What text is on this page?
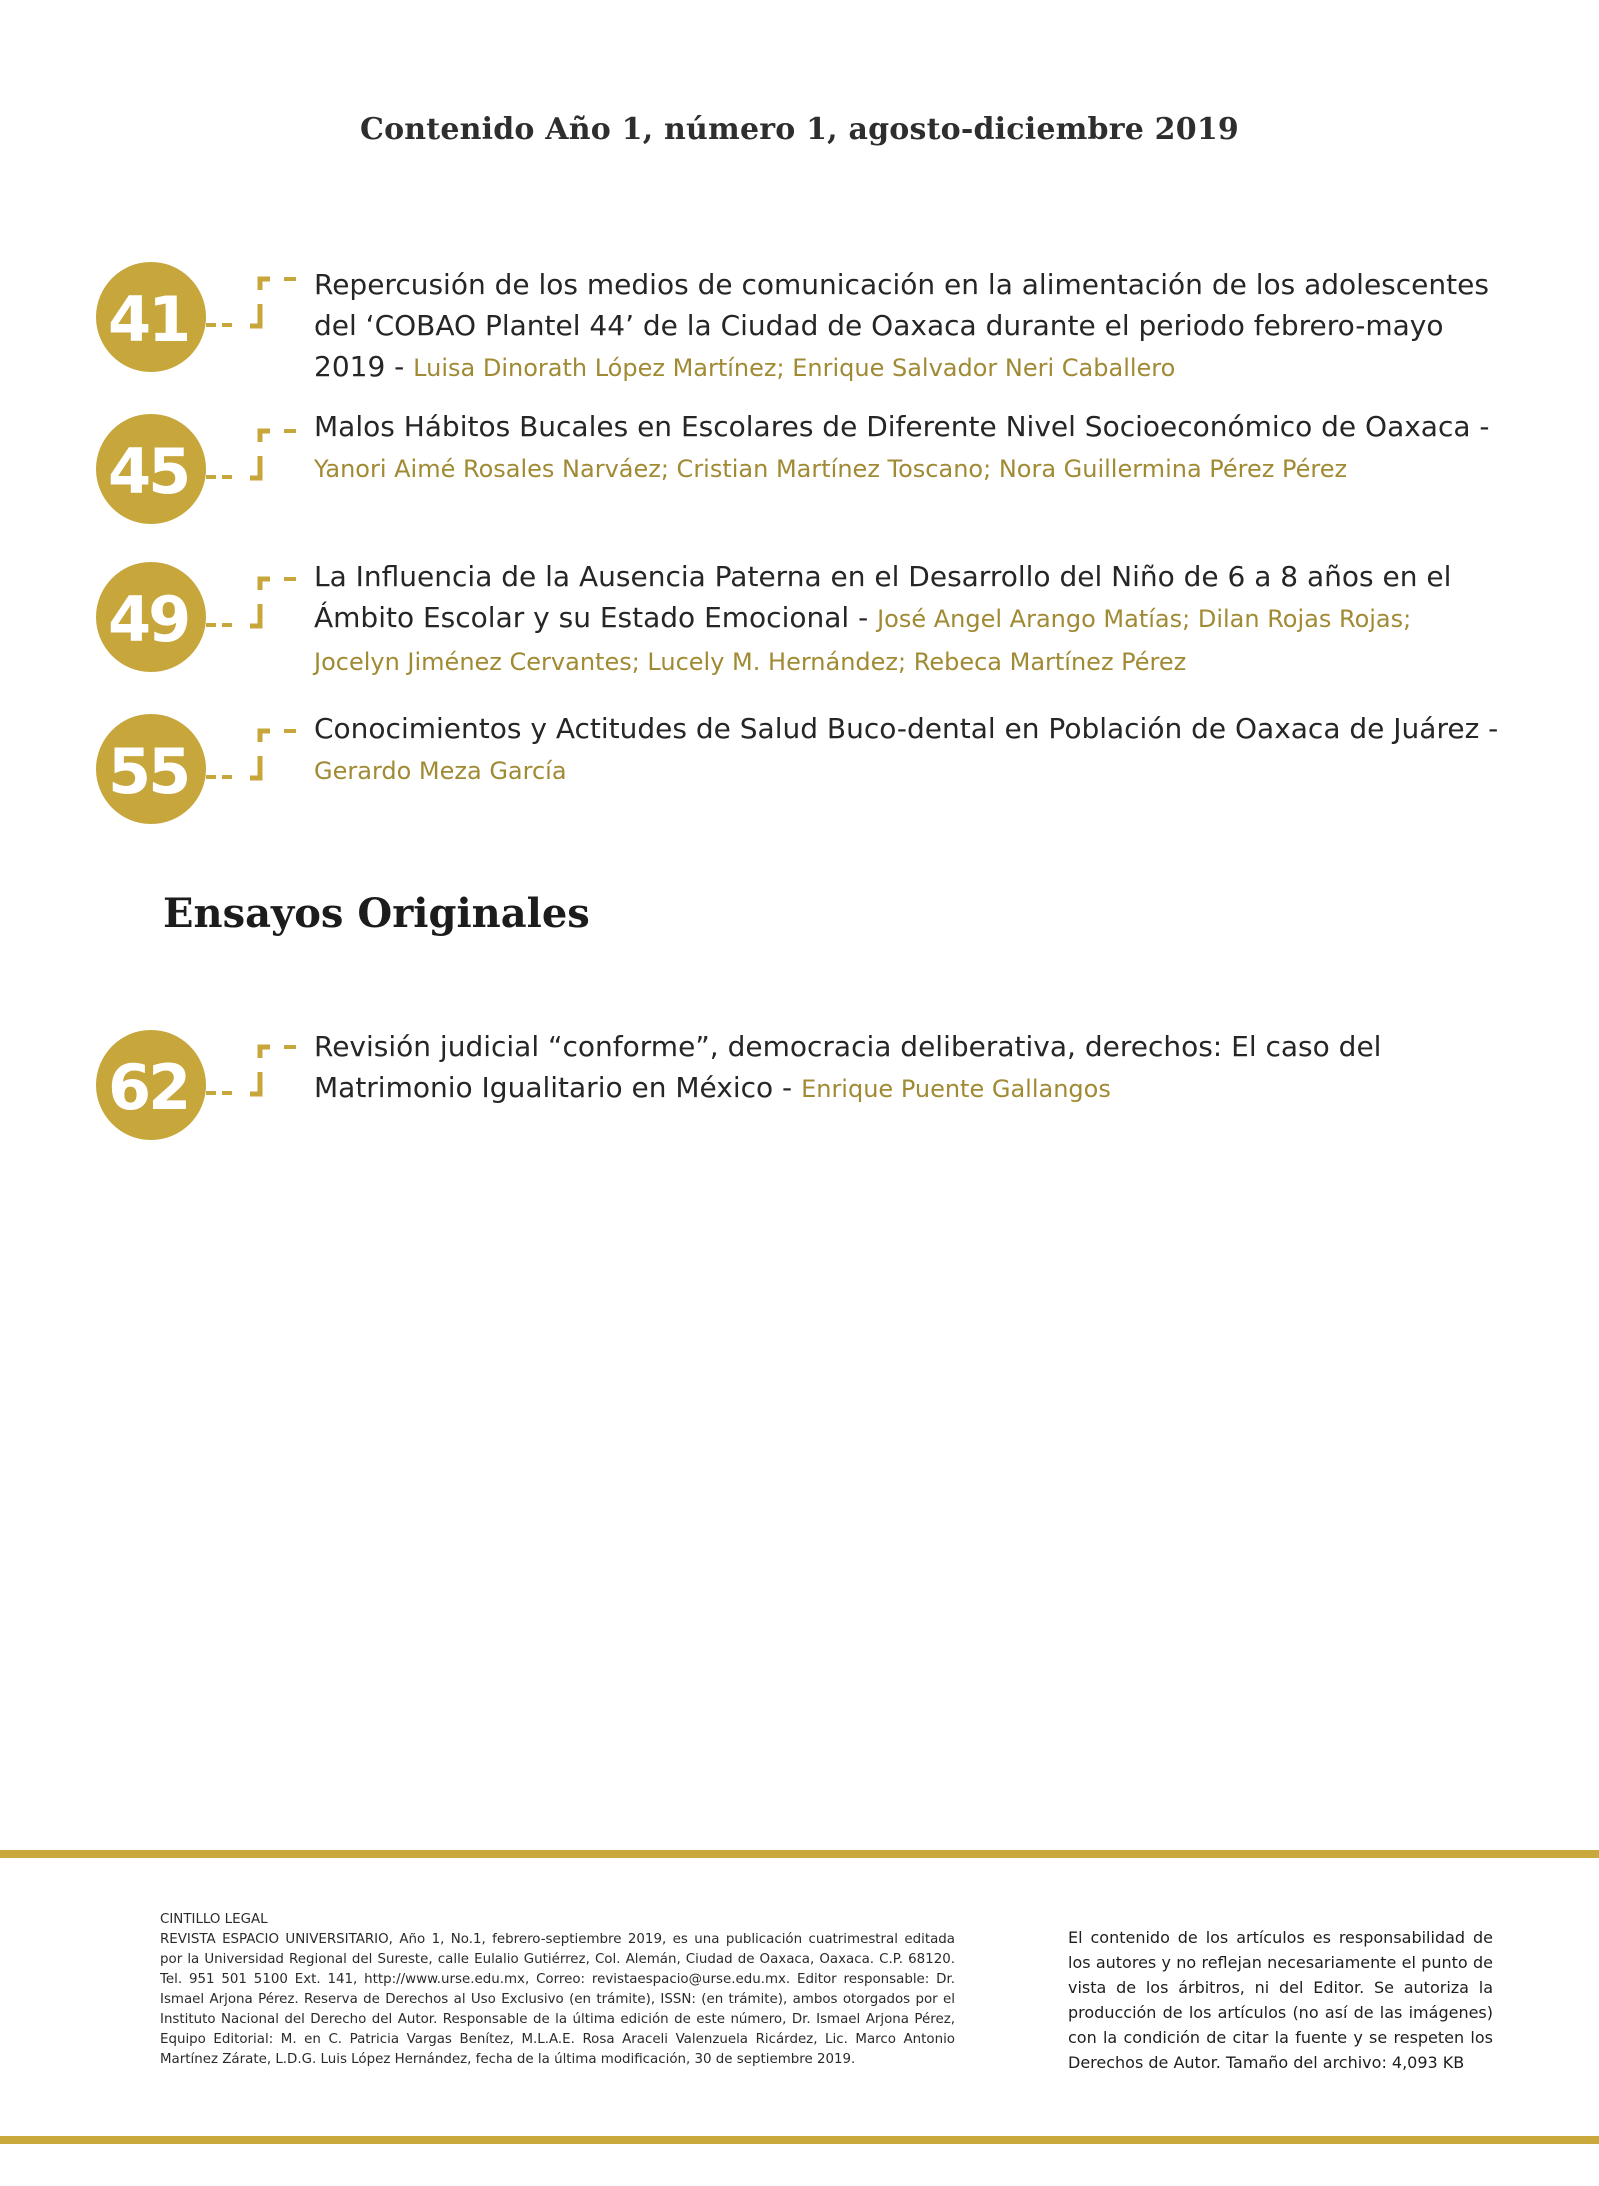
Contenido Año 1, número 1, agosto-diciembre 2019
41	Repercusión de los medios de comunicación en la alimentación de los adolescentes del ‘COBAO Plantel 44’ de la Ciudad de Oaxaca durante el periodo febrero-mayo 2019 - Luisa Dinorath López Martínez; Enrique Salvador Neri Caballero
45
Malos Hábitos Bucales en Escolares de Diferente Nivel Socioeconómico de Oaxaca - Yanori Aimé Rosales Narváez; Cristian Martínez Toscano; Nora Guillermina Pérez Pérez
49
La Influencia de la Ausencia Paterna en el Desarrollo del Niño de 6 a 8 años en el Ámbito Escolar y su Estado Emocional - José Angel Arango Matías; Dilan Rojas Rojas; Jocelyn Jiménez Cervantes; Lucely M. Hernández; Rebeca Martínez Pérez
55
Conocimientos y Actitudes de Salud Buco-dental en Población de Oaxaca de Juárez - Gerardo Meza García
Ensayos Originales
62
Revisión judicial “conforme”, democracia deliberativa, derechos: El caso del Matrimonio Igualitario en México - Enrique Puente Gallangos
CINTILLO LEGAL
REVISTA ESPACIO UNIVERSITARIO, Año 1, No.1, febrero-septiembre 2019, es una publicación cuatrimestral editada por la Universidad Regional del Sureste, calle Eulalio Gutiérrez, Col. Alemán, Ciudad de Oaxaca, Oaxaca. C.P. 68120. Tel. 951 501 5100 Ext. 141, http://www.urse.edu.mx, Correo: revistaespacio@urse.edu.mx. Editor responsable: Dr. Ismael Arjona Pérez. Reserva de Derechos al Uso Exclusivo (en trámite), ISSN: (en trámite), ambos otorgados por el Instituto Nacional del Derecho del Autor. Responsable de la última edición de este número, Dr. Ismael Arjona Pérez, Equipo Editorial: M. en C. Patricia Vargas Benítez, M.L.A.E. Rosa Araceli Valenzuela Ricárdez, Lic. Marco Antonio Martínez Zárate, L.D.G. Luis López Hernández, fecha de la última modificación, 30 de septiembre 2019.
El contenido de los artículos es responsabilidad de los autores y no reflejan necesariamente el punto de vista de los árbitros, ni del Editor. Se autoriza la producción de los artículos (no así de las imágenes) con la condición de citar la fuente y se respeten los Derechos de Autor. Tamaño del archivo: 4,093 KB
